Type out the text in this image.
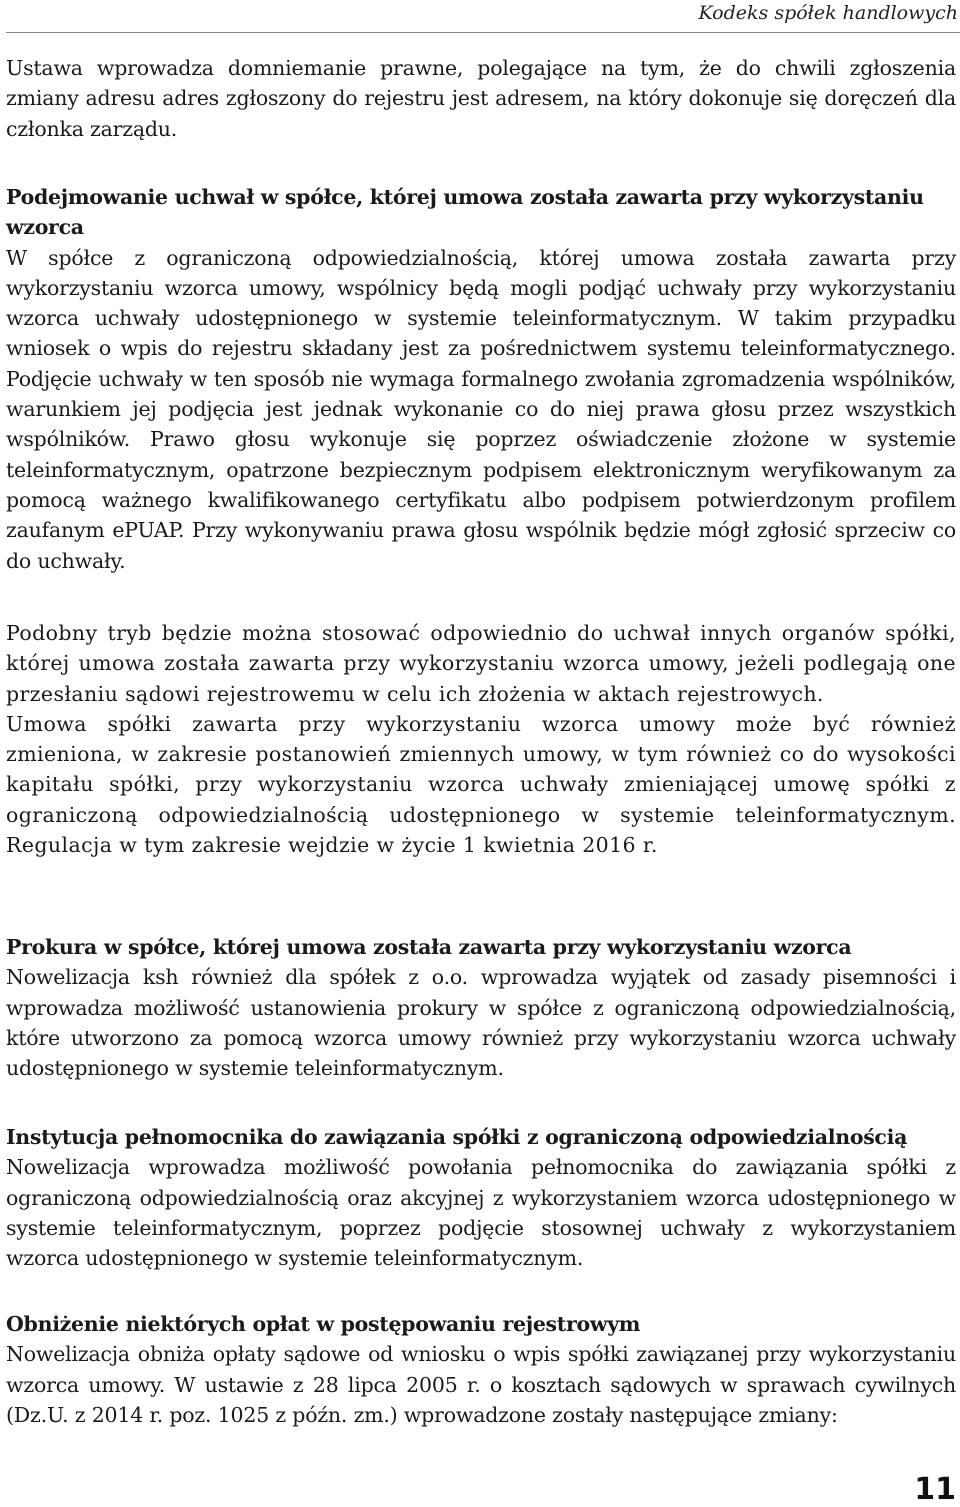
Kodeks spółek handlowych

Ustawa wprowadza domniemanie prawne, polegające na tym, że do chwili zgłoszenia zmiany adresu adres zgłoszony do rejestru jest adresem, na który dokonuje się doręczeń dla członka zarządu.

Podejmowanie uchwał w spółce, której umowa została zawarta przy wykorzystaniu wzorca

W spółce z ograniczoną odpowiedzialnością, której umowa została zawarta przy wykorzystaniu wzorca umowy, wspólnicy będą mogli podjąć uchwały przy wykorzystaniu wzorca uchwały udostępnionego w systemie teleinformatycznym. W takim przypadku wniosek o wpis do rejestru składany jest za pośrednictwem systemu teleinformatycznego. Podjęcie uchwały w ten sposób nie wymaga formalnego zwołania zgromadzenia wspólników, warunkiem jej podjęcia jest jednak wykonanie co do niej prawa głosu przez wszystkich wspólników. Prawo głosu wykonuje się poprzez oświadczenie złożone w systemie teleinformatycznym, opatrzone bezpiecznym podpisem elektronicznym weryfikowanym za pomocą ważnego kwalifikowanego certyfikatu albo podpisem potwierdzonym profilem zaufanym ePUAP. Przy wykonywaniu prawa głosu wspólnik będzie mógł zgłosić sprzeciw co do uchwały.

Podobny tryb będzie można stosować odpowiednio do uchwał innych organów spółki, której umowa została zawarta przy wykorzystaniu wzorca umowy, jeżeli podlegają one przesłaniu sądowi rejestrowemu w celu ich złożenia w aktach rejestrowych.

Umowa spółki zawarta przy wykorzystaniu wzorca umowy może być również zmieniona, w zakresie postanowień zmiennych umowy, w tym również co do wysokości kapitału spółki, przy wykorzystaniu wzorca uchwały zmieniającej umowę spółki z ograniczoną odpowiedzialnością udostępnionego w systemie teleinformatycznym. Regulacja w tym zakresie wejdzie w życie 1 kwietnia 2016 r.

Prokura w spółce, której umowa została zawarta przy wykorzystaniu wzorca

Nowelizacja ksh również dla spółek z o.o. wprowadza wyjątek od zasady pisemności i wprowadza możliwość ustanowienia prokury w spółce z ograniczoną odpowiedzialnością, które utworzono za pomocą wzorca umowy również przy wykorzystaniu wzorca uchwały udostępnionego w systemie teleinformatycznym.

Instytucja pełnomocnika do zawiązania spółki z ograniczoną odpowiedzialnością

Nowelizacja wprowadza możliwość powołania pełnomocnika do zawiązania spółki z ograniczoną odpowiedzialnością oraz akcyjnej z wykorzystaniem wzorca udostępnionego w systemie teleinformatycznym, poprzez podjęcie stosownej uchwały z wykorzystaniem wzorca udostępnionego w systemie teleinformatycznym.

Obniżenie niektórych opłat w postępowaniu rejestrowym

Nowelizacja obniża opłaty sądowe od wniosku o wpis spółki zawiązanej przy wykorzystaniu wzorca umowy. W ustawie z 28 lipca 2005 r. o kosztach sądowych w sprawach cywilnych (Dz.U. z 2014 r. poz. 1025 z późn. zm.) wprowadzone zostały następujące zmiany:

11
